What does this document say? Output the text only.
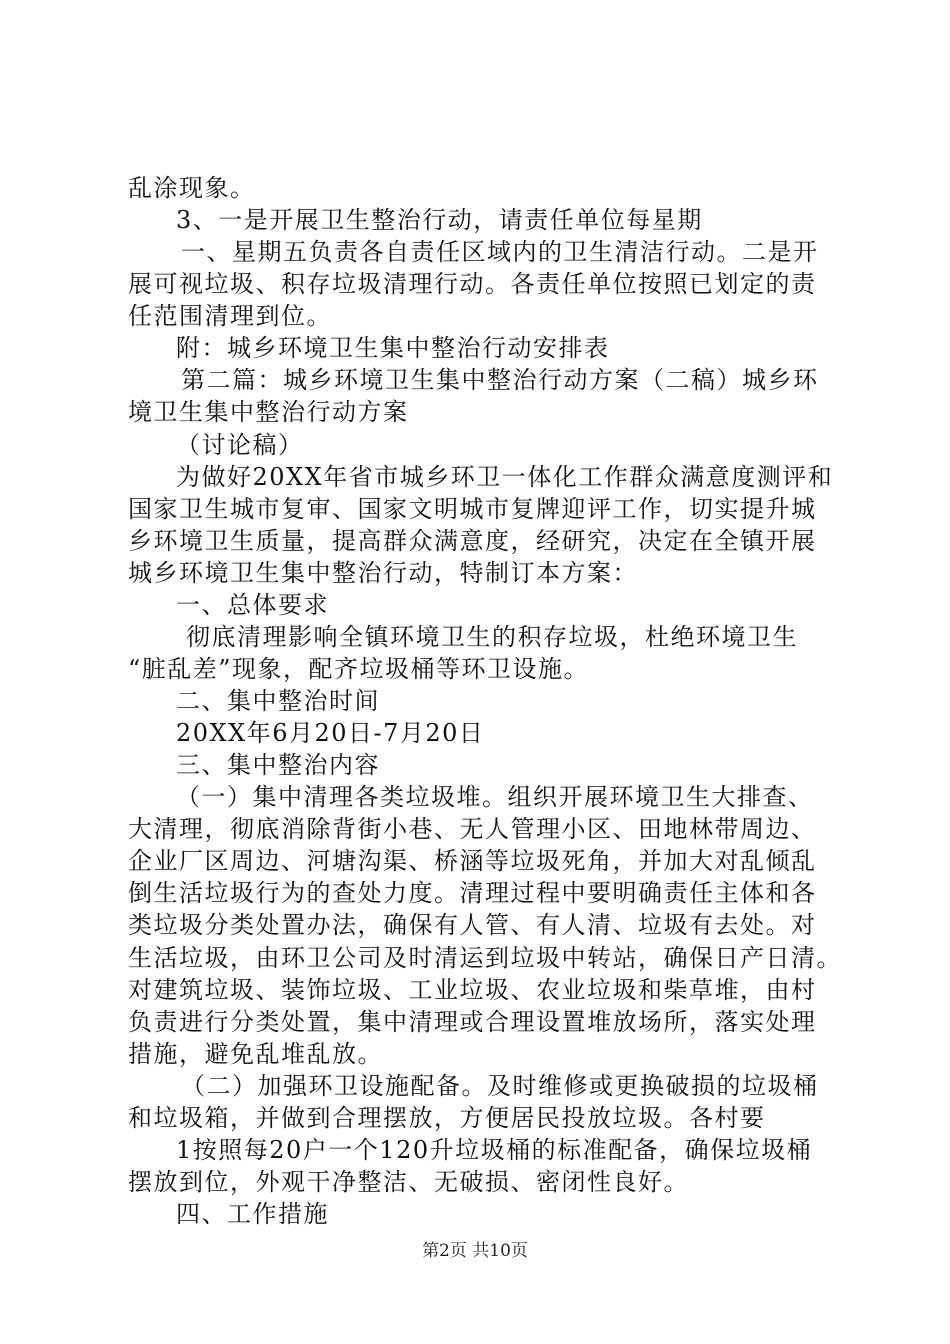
乱涂现象。
3、一是开展卫生整治行动，请责任单位每星期
一、星期五负责各自责任区域内的卫生清洁行动。二是开
展可视垃圾、积存垃圾清理行动。各责任单位按照已划定的责
任范围清理到位。
附：城乡环境卫生集中整治行动安排表
第二篇：城乡环境卫生集中整治行动方案（二稿）城乡环
境卫生集中整治行动方案
（讨论稿）
为做好20XX年省市城乡环卫一体化工作群众满意度测评和
国家卫生城市复审、国家文明城市复牌迎评工作，切实提升城
乡环境卫生质量，提高群众满意度，经研究，决定在全镇开展
城乡环境卫生集中整治行动，特制订本方案：
一、总体要求
彻底清理影响全镇环境卫生的积存垃圾，杜绝环境卫生
“脏乱差”现象，配齐垃圾桶等环卫设施。
二、集中整治时间
20XX年6月20日-7月20日
三、集中整治内容
（一）集中清理各类垃圾堆。组织开展环境卫生大排查、
大清理，彻底消除背街小巷、无人管理小区、田地林带周边、
企业厂区周边、河塘沟渠、桥涵等垃圾死角，并加大对乱倾乱
倒生活垃圾行为的查处力度。清理过程中要明确责任主体和各
类垃圾分类处置办法，确保有人管、有人清、垃圾有去处。对
生活垃圾，由环卫公司及时清运到垃圾中转站，确保日产日清。
对建筑垃圾、装饰垃圾、工业垃圾、农业垃圾和柴草堆，由村
负责进行分类处置，集中清理或合理设置堆放场所，落实处理
措施，避免乱堆乱放。
（二）加强环卫设施配备。及时维修或更换破损的垃圾桶
和垃圾箱，并做到合理摆放，方便居民投放垃圾。各村要
1按照每20户一个120升垃圾桶的标准配备，确保垃圾桶
摆放到位，外观干净整洁、无破损、密闭性良好。
四、工作措施
第2页 共10页
